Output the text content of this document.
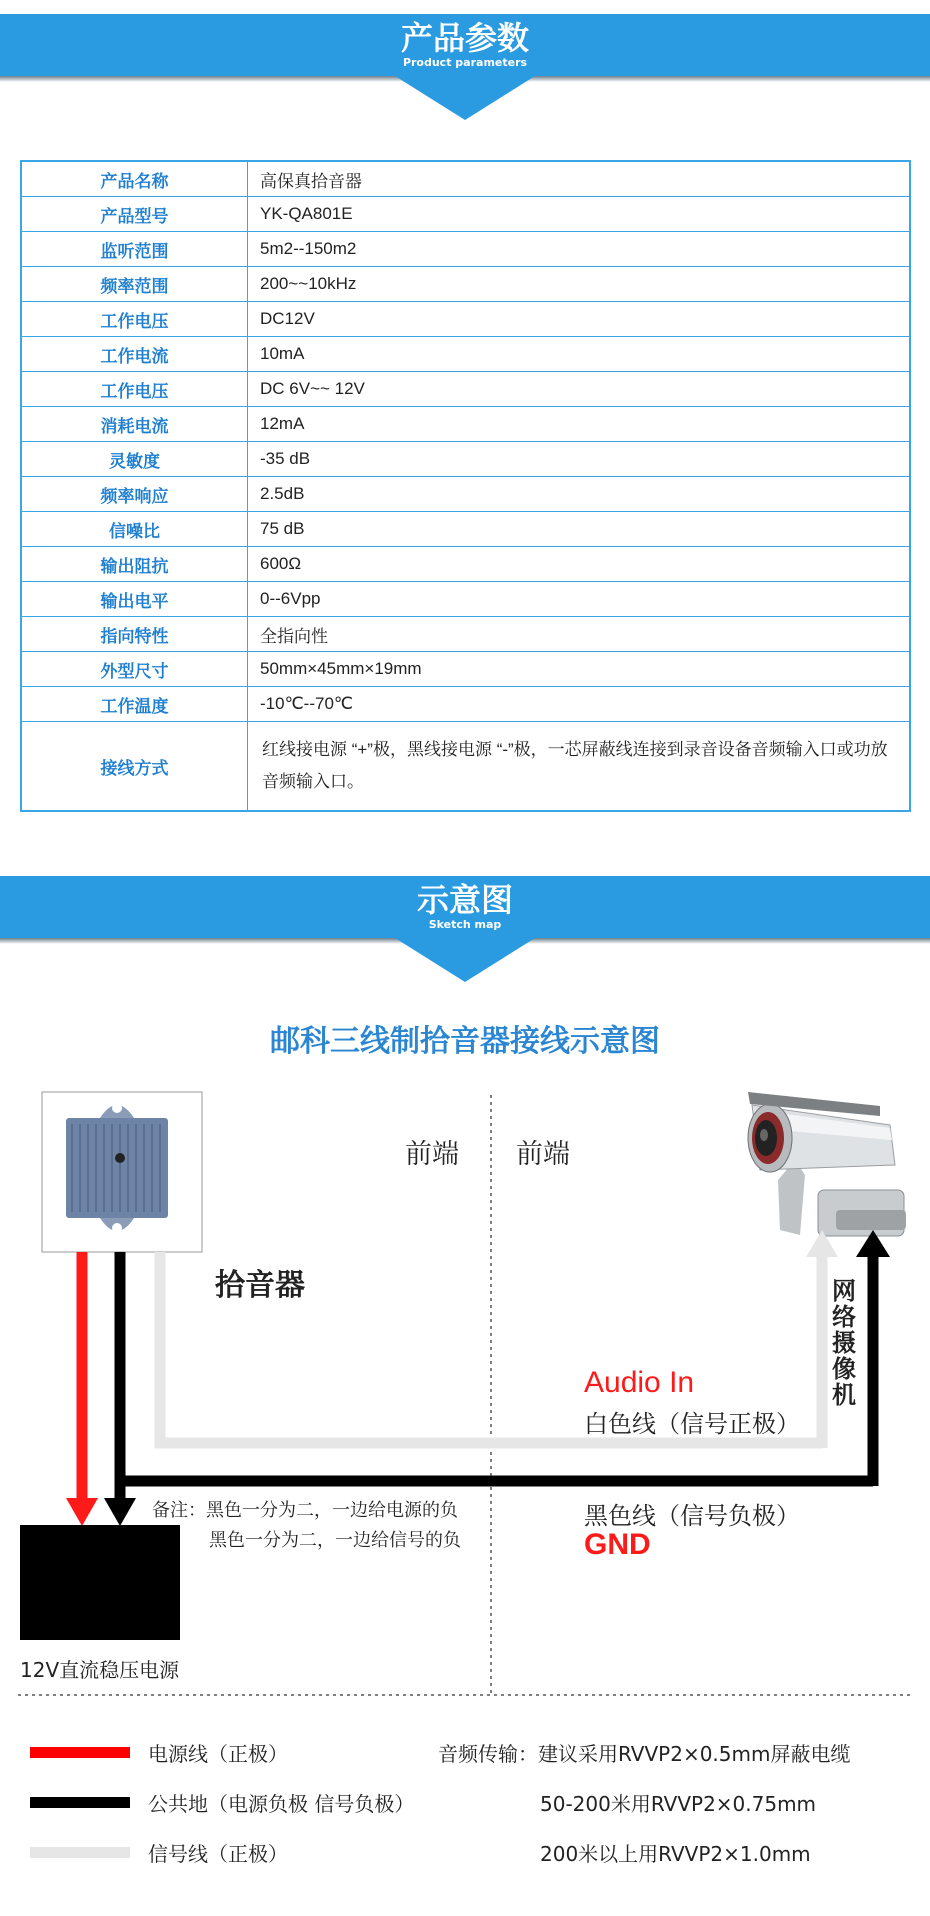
产品参数
Product parameters
产品名称	高保真拾音器
产品型号	YK-QA801E
监听范围	5m2--150m2
频率范围	200~~10kHz
工作电压	DC12V
工作电流	10mA
工作电压	DC 6V~~ 12V
消耗电流	12mA
灵敏度	-35 dB
频率响应	2.5dB
信噪比	75 dB
输出阻抗	600Ω
输出电平	0--6Vpp
指向特性	全指向性
外型尺寸	50mm×45mm×19mm
工作温度	-10℃--70℃
接线方式	红线接电源 “+”极，黑线接电源 “-”极，一芯屏蔽线连接到录音设备音频输入口或功放音频输入口。
示意图
Sketch map
邮科三线制拾音器接线示意图
前端 前端
拾音器	网络摄像机
Audio In
白色线（信号正极）
黑色线（信号负极）
GND
备注：黑色一分为二，一边给电源的负
黑色一分为二，一边给信号的负
12V直流稳压电源
电源线（正极）
公共地（电源负极 信号负极）
信号线（正极）
音频传输：建议采用RVVP2×0.5mm屏蔽电缆
50-200米用RVVP2×0.75mm
200米以上用RVVP2×1.0mm
